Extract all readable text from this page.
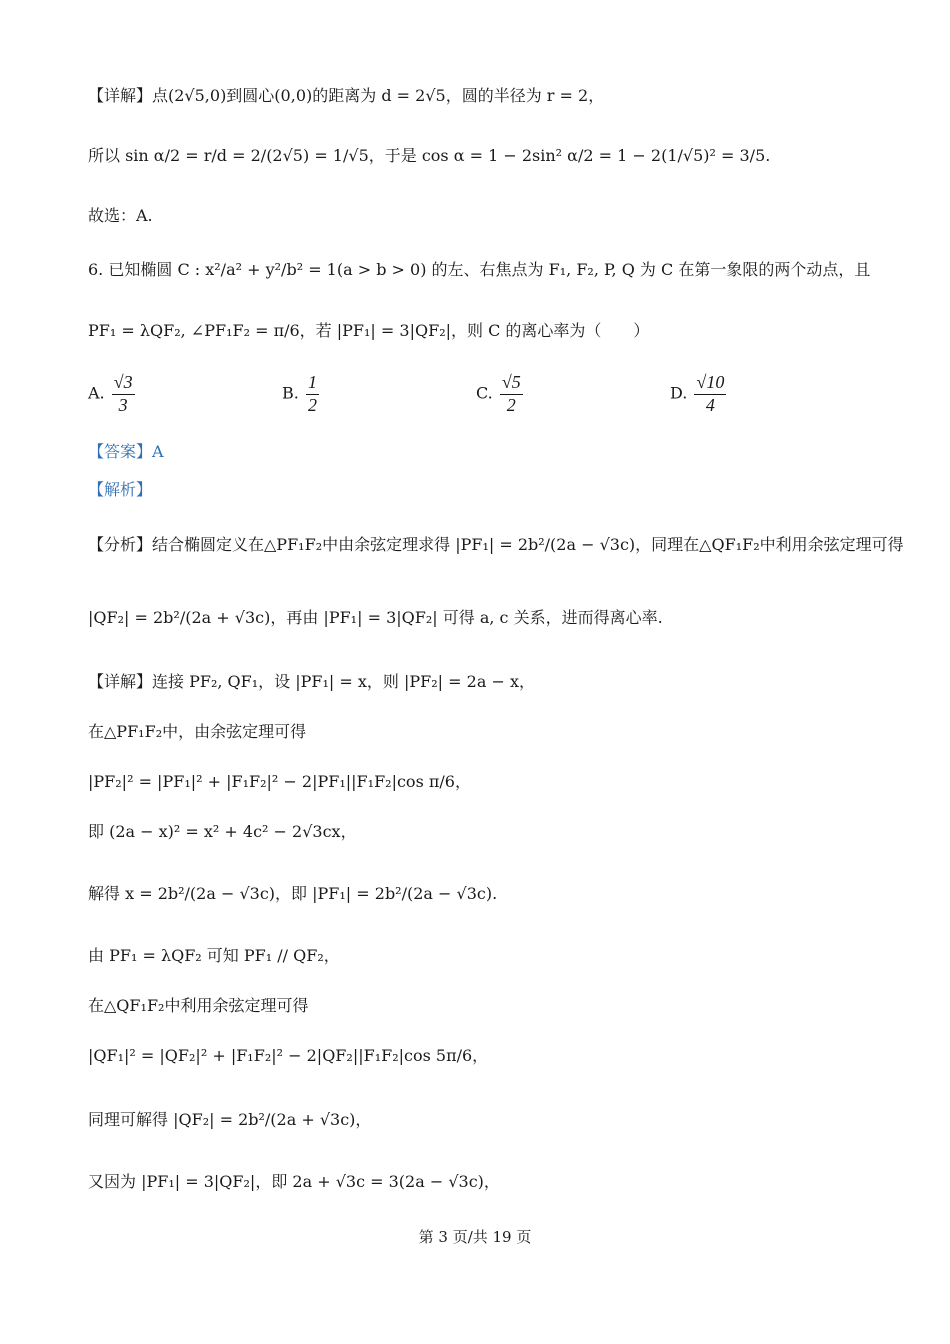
【详解】点(2√5,0)到圆心(0,0)的距离为 d = 2√5，圆的半径为 r = 2，
所以 sin α/2 = r/d = 2/(2√5) = 1/√5，于是 cos α = 1 − 2sin² α/2 = 1 − 2(1/√5)² = 3/5.
故选：A.
6. 已知椭圆 C : x²/a² + y²/b² = 1(a > b > 0) 的左、右焦点为 F₁, F₂, P, Q 为 C 在第一象限的两个动点，且
PF₁ = λQF₂, ∠PF₁F₂ = π/6，若 |PF₁| = 3|QF₂|，则 C 的离心率为（　　）
【答案】A
【解析】
【分析】结合椭圆定义在△PF₁F₂中由余弦定理求得 |PF₁| = 2b²/(2a − √3c)，同理在△QF₁F₂中利用余弦定理可得
|QF₂| = 2b²/(2a + √3c)，再由 |PF₁| = 3|QF₂| 可得 a, c 关系，进而得离心率.
【详解】连接 PF₂, QF₁，设 |PF₁| = x，则 |PF₂| = 2a − x，
在△PF₁F₂中，由余弦定理可得
|PF₂|² = |PF₁|² + |F₁F₂|² − 2|PF₁||F₁F₂|cos π/6，
即 (2a − x)² = x² + 4c² − 2√3cx，
解得 x = 2b²/(2a − √3c)，即 |PF₁| = 2b²/(2a − √3c).
由 PF₁ = λQF₂ 可知 PF₁ // QF₂，
在△QF₁F₂中利用余弦定理可得
|QF₁|² = |QF₂|² + |F₁F₂|² − 2|QF₂||F₁F₂|cos 5π/6，
同理可解得 |QF₂| = 2b²/(2a + √3c)，
又因为 |PF₁| = 3|QF₂|，即 2a + √3c = 3(2a − √3c)，
A. $\frac{√3}{3}$	B. $\frac{1}{2}$	C. $\frac{√5}{2}$	D. $\frac{√10}{4}$
第 3 页/共 19 页
